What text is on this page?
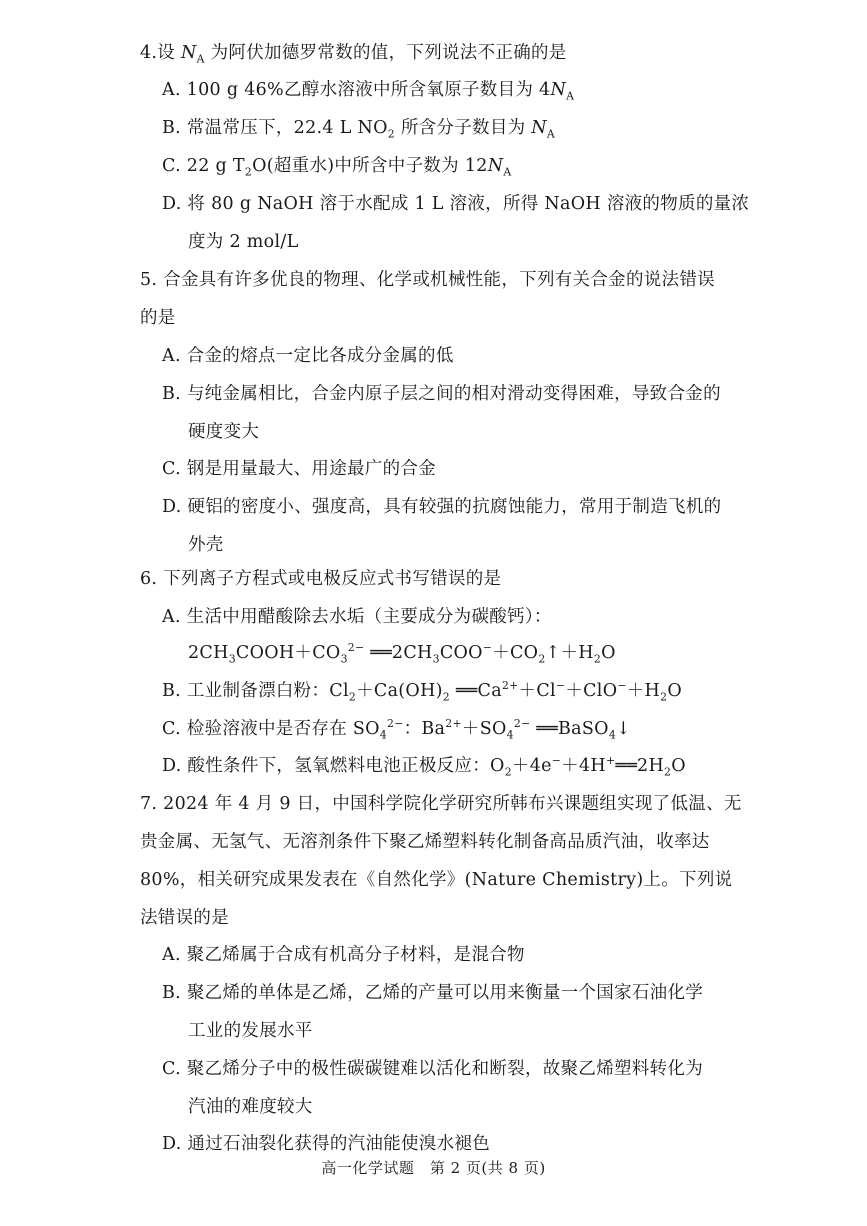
4.设 $N_A$ 为阿伏加德罗常数的值，下列说法不正确的是
A. 100 g 46%乙醇水溶液中所含氧原子数目为 $4N_A$
B. 常温常压下，22.4 L $NO_2$ 所含分子数目为 $N_A$
C. 22 g $T_2O$(超重水)中所含中子数为 $12N_A$
D. 将 80 g NaOH 溶于水配成 1 L 溶液，所得 NaOH 溶液的物质的量浓
度为 2 mol/L
5. 合金具有许多优良的物理、化学或机械性能，下列有关合金的说法错误
的是
A. 合金的熔点一定比各成分金属的低
B. 与纯金属相比，合金内原子层之间的相对滑动变得困难，导致合金的
硬度变大
C. 钢是用量最大、用途最广的合金
D. 硬铝的密度小、强度高，具有较强的抗腐蚀能力，常用于制造飞机的
外壳
6. 下列离子方程式或电极反应式书写错误的是
A. 生活中用醋酸除去水垢（主要成分为碳酸钙）：
$2CH_3COOH+CO_3^{2-}$ $══2CH_3COO^-+CO_2↑+H_2O$
B. 工业制备漂白粉：$Cl_2+Ca(OH)_2$ $══Ca^{2+}+Cl^-+ClO^-+H_2O$
C. 检验溶液中是否存在 $SO_4^{2-}$：$Ba^{2+}+SO_4^{2-}$ ══BaSO$_4$↓
D. 酸性条件下，氢氧燃料电池正极反应：$O_2+4e^-+4H^+══2H_2O$
7. 2024 年 4 月 9 日，中国科学院化学研究所韩布兴课题组实现了低温、无
贵金属、无氢气、无溶剂条件下聚乙烯塑料转化制备高品质汽油，收率达
80%，相关研究成果发表在《自然化学》(Nature Chemistry)上。下列说
法错误的是
A. 聚乙烯属于合成有机高分子材料，是混合物
B. 聚乙烯的单体是乙烯，乙烯的产量可以用来衡量一个国家石油化学
工业的发展水平
C. 聚乙烯分子中的极性碳碳键难以活化和断裂，故聚乙烯塑料转化为
汽油的难度较大
D. 通过石油裂化获得的汽油能使溴水褪色
高一化学试题　第 2 页(共 8 页)
